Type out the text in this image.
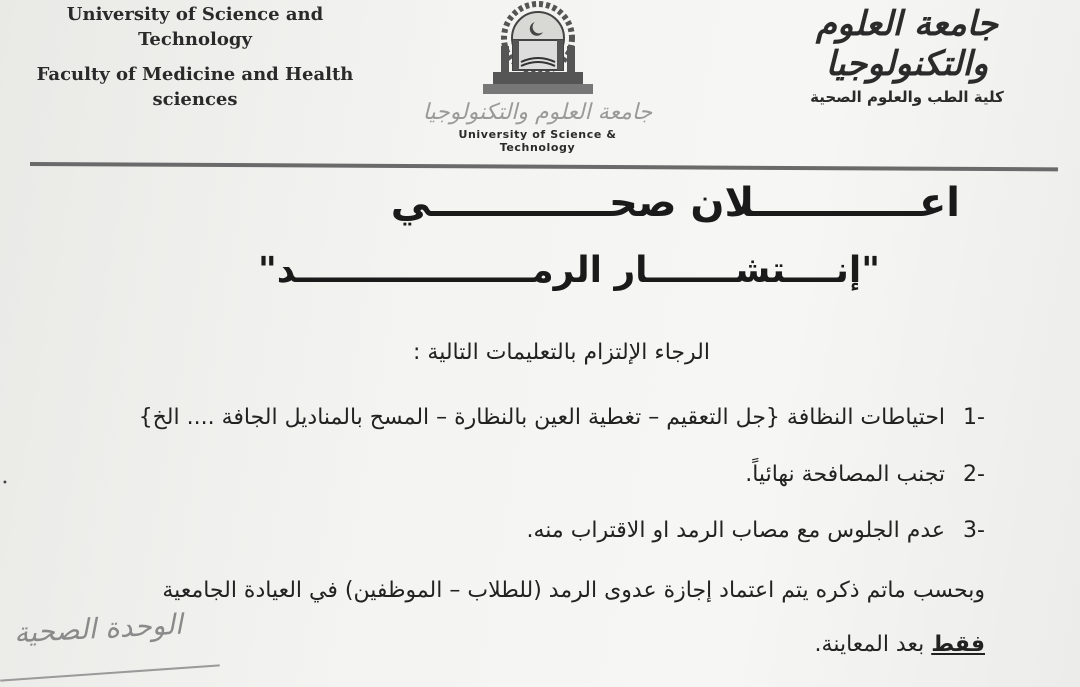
University of Science and
Technology
Faculty of Medicine and Health
sciences
جامعة العلوم والتكنولوجيا
University of Science & Technology
جامعة العلوم والتكنولوجيا
كلية الطب والعلوم الصحية
اعــــــــــــلان صحـــــــــــــي
"إنــــتشـــــــار الرمـــــــــــــــــــد"
الرجاء الإلتزام بالتعليمات التالية :
-1احتياطات النظافة {جل التعقيم – تغطية العين بالنظارة – المسح بالمناديل الجافة .... الخ}
-2تجنب المصافحة نهائياً.
-3عدم الجلوس مع مصاب الرمد او الاقتراب منه.
وبحسب ماتم ذكره يتم اعتماد إجازة عدوى الرمد (للطلاب – الموظفين) في العيادة الجامعية
فقط بعد المعاينة.
الوحدة الصحية
•
